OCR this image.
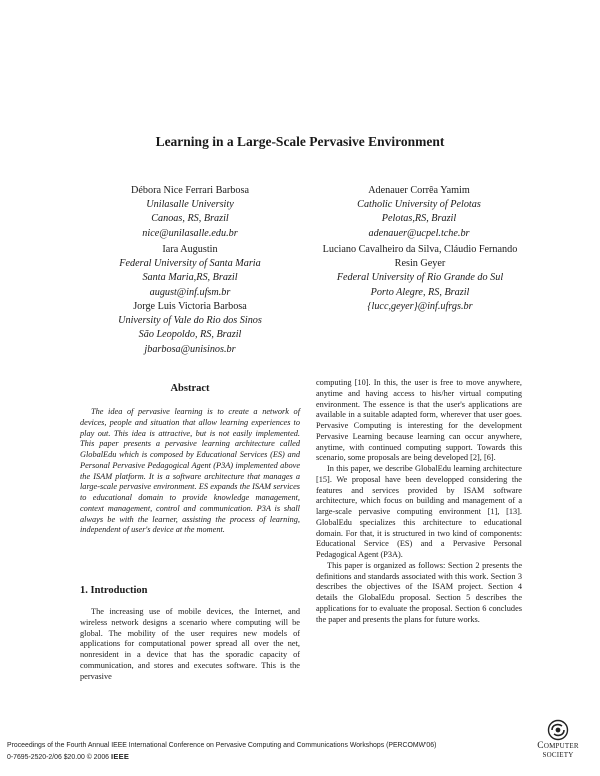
Learning in a Large-Scale Pervasive Environment
Débora Nice Ferrari Barbosa
Unilasalle University
Canoas, RS, Brazil
nice@unilasalle.edu.br
Iara Augustin
Federal University of Santa Maria
Santa Maria,RS, Brazil
august@inf.ufsm.br
Jorge Luis Victoria Barbosa
University of Vale do Rio dos Sinos
São Leopoldo, RS, Brazil
jbarbosa@unisinos.br
Adenauer Corrêa Yamim
Catholic University of Pelotas
Pelotas,RS, Brazil
adenauer@ucpel.tche.br
Luciano Cavalheiro da Silva, Cláudio Fernando
Resin Geyer
Federal University of Rio Grande do Sul
Porto Alegre, RS, Brazil
{lucc,geyer}@inf.ufrgs.br
Abstract

The idea of pervasive learning is to create a network of devices, people and situation that allow learning experiences to play out. This idea is attractive, but is not easily implemented. This paper presents a pervasive learning architecture called GlobalEdu which is composed by Educational Services (ES) and Personal Pervasive Pedagogical Agent (P3A) implemented above the ISAM platform. It is a software architecture that manages a large-scale pervasive environment. ES expands the ISAM services to educational domain to provide knowledge management, context management, control and communication. P3A is shall always be with the learner, assisting the process of learning, independent of user's device at the moment.

1. Introduction

The increasing use of mobile devices, the Internet, and wireless network designs a scenario where computing will be global. The mobility of the user requires new models of applications for computational power spread all over the net, nonresident in a device that has the sporadic capacity of communication, and stores and executes software. This is the pervasive

computing [10]. In this, the user is free to move anywhere, anytime and having access to his/her virtual computing environment. The essence is that the user's applications are available in a suitable adapted form, wherever that user goes. Pervasive Computing is interesting for the development Pervasive Learning because learning can occur anywhere, anytime, with continued computing support. Towards this scenario, some proposals are being developed [2], [6].

In this paper, we describe GlobalEdu learning architecture [15]. We proposal have been developped considering the features and services provided by ISAM software architecture, which focus on building and management of a large-scale pervasive computing environment [1], [13]. GlobalEdu specializes this architecture to educational domain. For that, it is structured in two kind of components: Educational Service (ES) and a Pervasive Personal Pedagogical Agent (P3A).

This paper is organized as follows: Section 2 presents the definitions and standards associated with this work. Section 3 describes the objectives of the ISAM project. Section 4 details the GlobalEdu proposal. Section 5 describes the applications for to evaluate the proposal. Section 6 concludes the paper and presents the plans for future works.

Proceedings of the Fourth Annual IEEE International Conference on Pervasive Computing and Communications Workshops (PERCOMW'06)
0-7695-2520-2/06 $20.00 © 2006 IEEE
Computer
society
